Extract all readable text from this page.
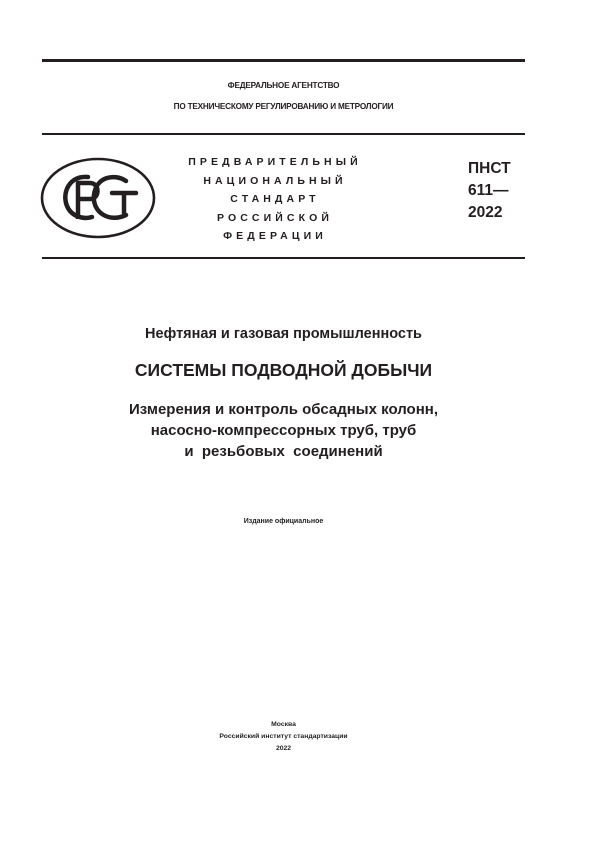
ФЕДЕРАЛЬНОЕ АГЕНТСТВО
ПО ТЕХНИЧЕСКОМУ РЕГУЛИРОВАНИЮ И МЕТРОЛОГИИ
ПРЕДВАРИТЕЛЬНЫЙ
НАЦИОНАЛЬНЫЙ
СТАНДАРТ
РОССИЙСКОЙ
ФЕДЕРАЦИИ
ПНСТ
611—
2022
Нефтяная и газовая промышленность
СИСТЕМЫ ПОДВОДНОЙ ДОБЫЧИ
Измерения и контроль обсадных колонн,
насосно-компрессорных труб, труб
и  резьбовых  соединений
Издание официальное
Москва
Российский институт стандартизации
2022
